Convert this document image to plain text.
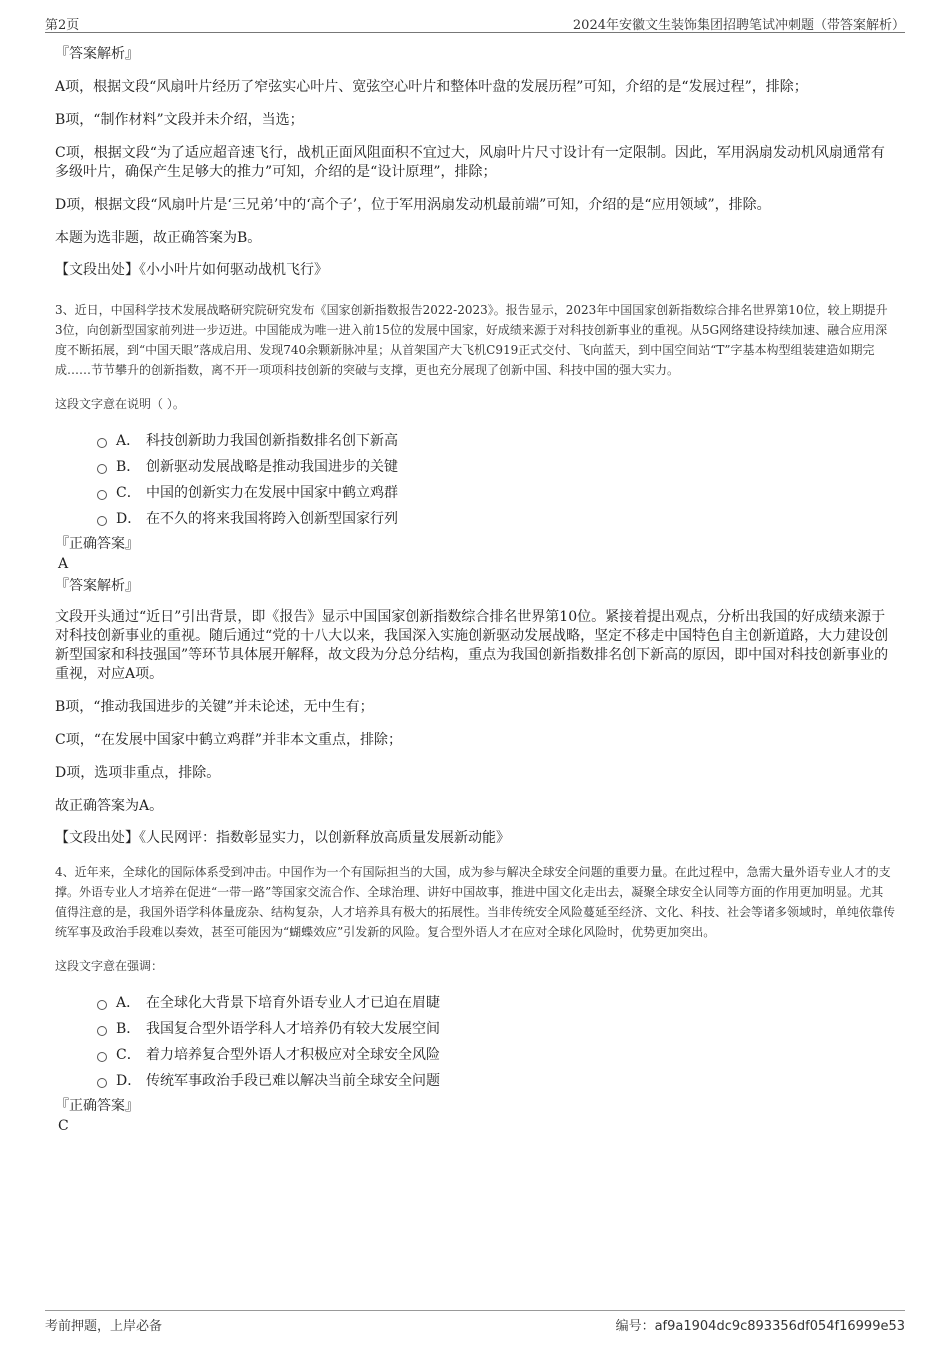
第2页	2024年安徽文生装饰集团招聘笔试冲刺题（带答案解析）

『答案解析』

A项，根据文段“风扇叶片经历了窄弦实心叶片、宽弦空心叶片和整体叶盘的发展历程”可知，介绍的是“发展过程”，排除；

B项，“制作材料”文段并未介绍，当选；

C项，根据文段“为了适应超音速飞行，战机正面风阻面积不宜过大，风扇叶片尺寸设计有一定限制。因此，军用涡扇发动机风扇通常有多级叶片，确保产生足够大的推力”可知，介绍的是“设计原理”，排除；

D项，根据文段“风扇叶片是‘三兄弟’中的‘高个子’，位于军用涡扇发动机最前端”可知，介绍的是“应用领域”，排除。

本题为选非题，故正确答案为B。

【文段出处】《小小叶片如何驱动战机飞行》

3、近日，中国科学技术发展战略研究院研究发布《国家创新指数报告2022-2023》。报告显示，2023年中国国家创新指数综合排名世界第10位，较上期提升3位，向创新型国家前列进一步迈进。中国能成为唯一进入前15位的发展中国家，好成绩来源于对科技创新事业的重视。从5G网络建设持续加速、融合应用深度不断拓展，到“中国天眼”落成启用、发现740余颗新脉冲星；从首架国产大飞机C919正式交付、飞向蓝天，到中国空间站“T”字基本构型组装建造如期完成……节节攀升的创新指数，离不开一项项科技创新的突破与支撑，更也充分展现了创新中国、科技中国的强大实力。

这段文字意在说明（ ）。

A． 科技创新助力我国创新指数排名创下新高
B． 创新驱动发展战略是推动我国进步的关键
C． 中国的创新实力在发展中国家中鹤立鸡群
D． 在不久的将来我国将跨入创新型国家行列

『正确答案』

A

『答案解析』

文段开头通过“近日”引出背景，即《报告》显示中国国家创新指数综合排名世界第10位。紧接着提出观点，分析出我国的好成绩来源于对科技创新事业的重视。随后通过“党的十八大以来，我国深入实施创新驱动发展战略，坚定不移走中国特色自主创新道路，大力建设创新型国家和科技强国”等环节具体展开解释，故文段为分总分结构，重点为我国创新指数排名创下新高的原因，即中国对科技创新事业的重视，对应A项。

B项，“推动我国进步的关键”并未论述，无中生有；

C项，“在发展中国家中鹤立鸡群”并非本文重点，排除；

D项，选项非重点，排除。

故正确答案为A。

【文段出处】《人民网评：指数彰显实力，以创新释放高质量发展新动能》

4、近年来，全球化的国际体系受到冲击。中国作为一个有国际担当的大国，成为参与解决全球安全问题的重要力量。在此过程中，急需大量外语专业人才的支撑。外语专业人才培养在促进“一带一路”等国家交流合作、全球治理、讲好中国故事，推进中国文化走出去，凝聚全球安全认同等方面的作用更加明显。尤其值得注意的是，我国外语学科体量庞杂、结构复杂，人才培养具有极大的拓展性。当非传统安全风险蔓延至经济、文化、科技、社会等诸多领域时，单纯依靠传统军事及政治手段难以奏效，甚至可能因为“蝴蝶效应”引发新的风险。复合型外语人才在应对全球化风险时，优势更加突出。

这段文字意在强调：

A． 在全球化大背景下培育外语专业人才已迫在眉睫
B． 我国复合型外语学科人才培养仍有较大发展空间
C． 着力培养复合型外语人才积极应对全球安全风险
D． 传统军事政治手段已难以解决当前全球安全问题

『正确答案』

C

考前押题，上岸必备	编号：af9a1904dc9c893356df054f16999e53
